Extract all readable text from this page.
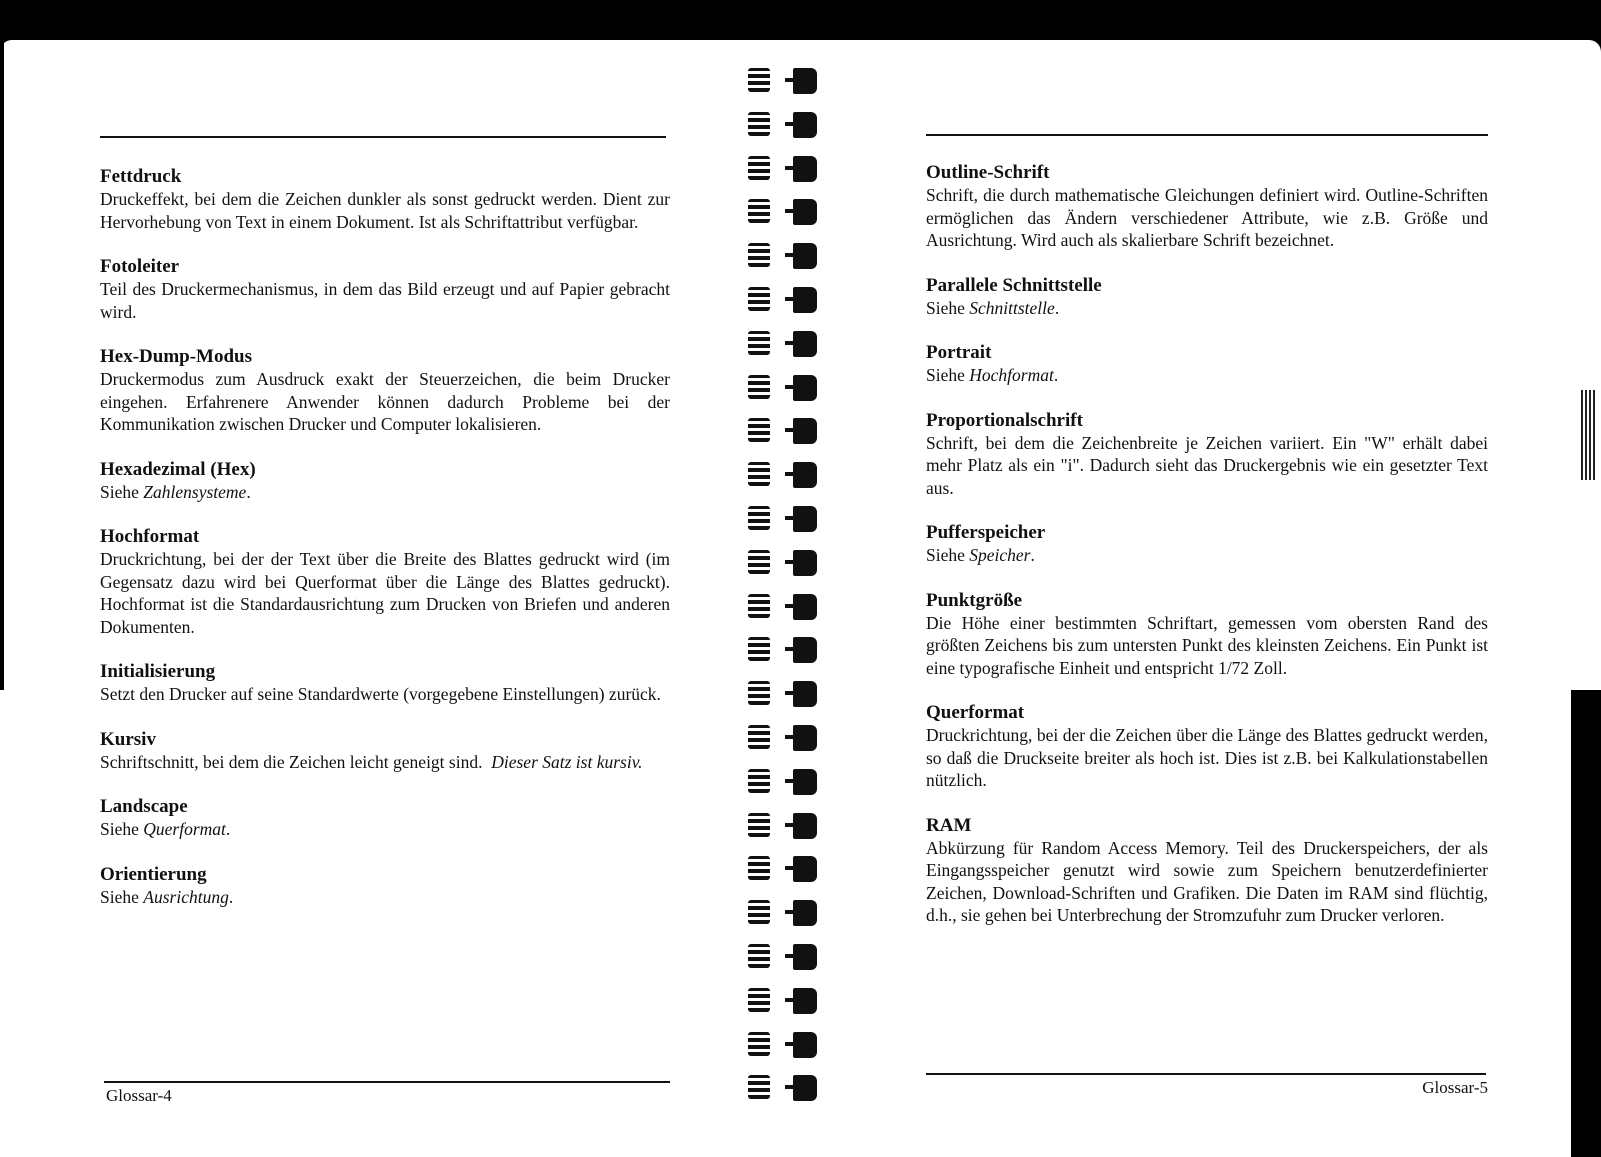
Fettdruck

Druckeffekt, bei dem die Zeichen dunkler als sonst gedruckt werden. Dient zur Hervorhebung von Text in einem Dokument. Ist als Schriftattribut verfügbar.

Fotoleiter

Teil des Druckermechanismus, in dem das Bild erzeugt und auf Papier gebracht wird.

Hex-Dump-Modus

Druckermodus zum Ausdruck exakt der Steuerzeichen, die beim Drucker eingehen. Erfahrenere Anwender können dadurch Probleme bei der Kommunikation zwischen Drucker und Computer lokalisieren.

Hexadezimal (Hex)

Siehe Zahlensysteme.

Hochformat

Druckrichtung, bei der der Text über die Breite des Blattes gedruckt wird (im Gegensatz dazu wird bei Querformat über die Länge des Blattes gedruckt). Hochformat ist die Standardausrichtung zum Drucken von Briefen und anderen Dokumenten.

Initialisierung

Setzt den Drucker auf seine Standardwerte (vorgegebene Einstellungen) zurück.

Kursiv

Schriftschnitt, bei dem die Zeichen leicht geneigt sind. Dieser Satz ist kursiv.

Landscape

Siehe Querformat.

Orientierung

Siehe Ausrichtung.

Glossar-4

Outline-Schrift

Schrift, die durch mathematische Gleichungen definiert wird. Outline-Schriften ermöglichen das Ändern verschiedener Attribute, wie z.B. Größe und Ausrichtung. Wird auch als skalierbare Schrift bezeichnet.

Parallele Schnittstelle

Siehe Schnittstelle.

Portrait

Siehe Hochformat.

Proportionalschrift

Schrift, bei dem die Zeichenbreite je Zeichen variiert. Ein "W" erhält dabei mehr Platz als ein "i". Dadurch sieht das Druckergebnis wie ein gesetzter Text aus.

Pufferspeicher

Siehe Speicher.

Punktgröße

Die Höhe einer bestimmten Schriftart, gemessen vom obersten Rand des größten Zeichens bis zum untersten Punkt des kleinsten Zeichens. Ein Punkt ist eine typografische Einheit und entspricht 1/72 Zoll.

Querformat

Druckrichtung, bei der die Zeichen über die Länge des Blattes gedruckt werden, so daß die Druckseite breiter als hoch ist. Dies ist z.B. bei Kalkulationstabellen nützlich.

RAM

Abkürzung für Random Access Memory. Teil des Druckerspeichers, der als Eingangsspeicher genutzt wird sowie zum Speichern benutzerdefinierter Zeichen, Download-Schriften und Grafiken. Die Daten im RAM sind flüchtig, d.h., sie gehen bei Unterbrechung der Stromzufuhr zum Drucker verloren.

Glossar-5
